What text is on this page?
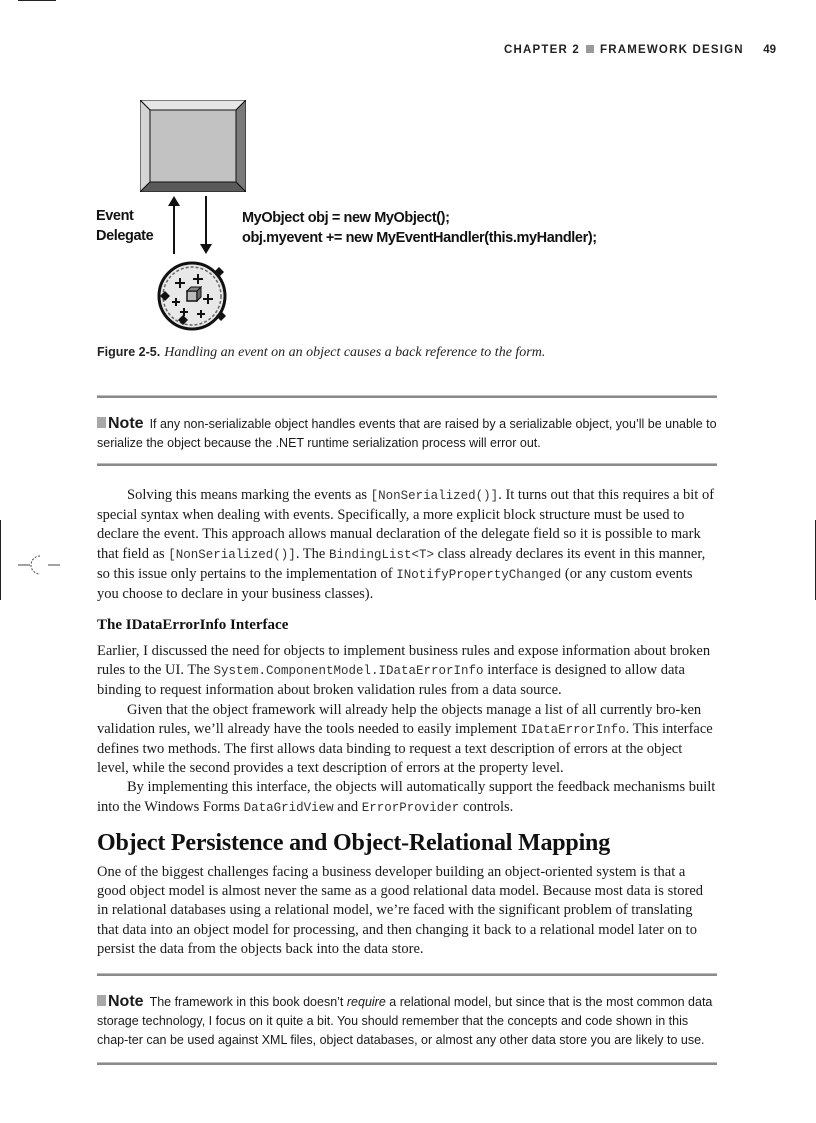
CHAPTER 2 FRAMEWORK DESIGN 49
Event
Delegate
MyObject obj = new MyObject();
obj.myevent += new MyEventHandler(this.myHandler);
Figure 2-5. Handling an event on an object causes a back reference to the form.
Note If any non-serializable object handles events that are raised by a serializable object, you’ll be unable to serialize the object because the .NET runtime serialization process will error out.

Solving this means marking the events as [NonSerialized()]. It turns out that this requires a bit of special syntax when dealing with events. Specifically, a more explicit block structure must be used to declare the event. This approach allows manual declaration of the delegate field so it is possible to mark that field as [NonSerialized()]. The BindingList<T> class already declares its event in this manner, so this issue only pertains to the implementation of INotifyPropertyChanged (or any custom events you choose to declare in your business classes).

The IDataErrorInfo Interface

Earlier, I discussed the need for objects to implement business rules and expose information about broken rules to the UI. The System.ComponentModel.IDataErrorInfo interface is designed to allow data binding to request information about broken validation rules from a data source.

Given that the object framework will already help the objects manage a list of all currently bro-ken validation rules, we’ll already have the tools needed to easily implement IDataErrorInfo. This interface defines two methods. The first allows data binding to request a text description of errors at the object level, while the second provides a text description of errors at the property level.

By implementing this interface, the objects will automatically support the feedback mechanisms built into the Windows Forms DataGridView and ErrorProvider controls.

Object Persistence and Object-Relational Mapping

One of the biggest challenges facing a business developer building an object-oriented system is that a good object model is almost never the same as a good relational data model. Because most data is stored in relational databases using a relational model, we’re faced with the significant problem of translating that data into an object model for processing, and then changing it back to a relational model later on to persist the data from the objects back into the data store.

Note The framework in this book doesn’t require a relational model, but since that is the most common data storage technology, I focus on it quite a bit. You should remember that the concepts and code shown in this chap-ter can be used against XML files, object databases, or almost any other data store you are likely to use.
